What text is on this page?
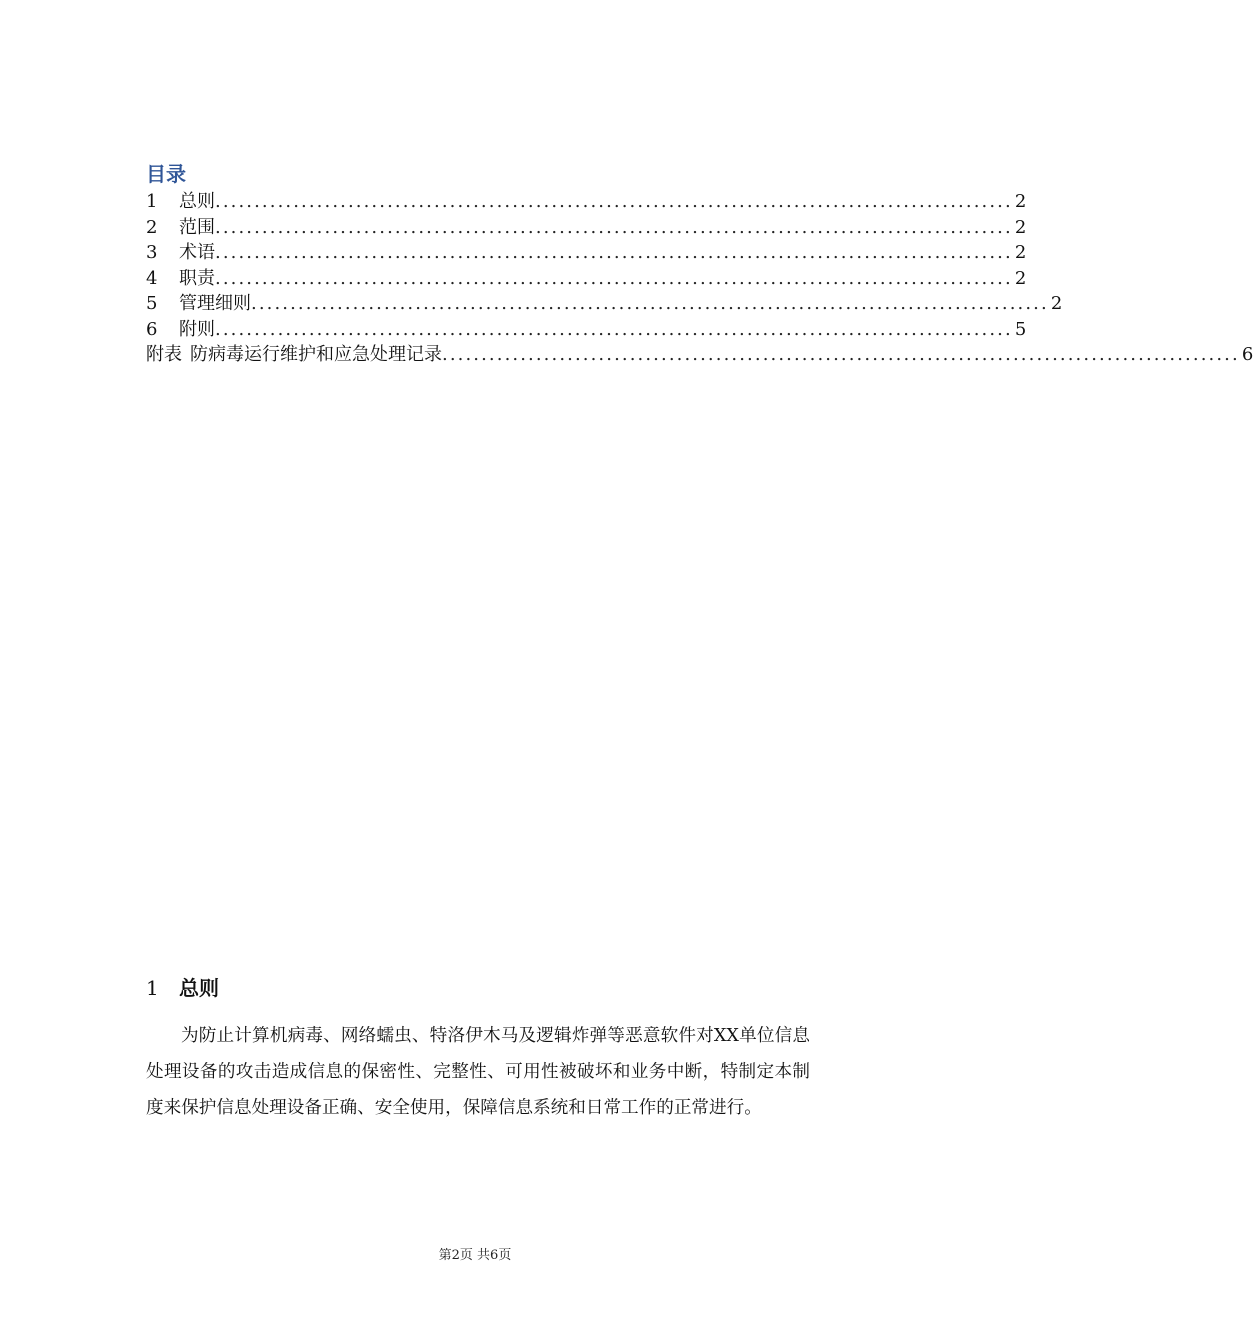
目录
1	总则 ...................................................................................................... 2
2	范围 ...................................................................................................... 2
3	术语 ...................................................................................................... 2
4	职责 ...................................................................................................... 2
5	管理细则 ...................................................................................................... 2
6	附则 ...................................................................................................... 5
附表 防病毒运行维护和应急处理记录 ...................................................................................................... 6
1	总则

为防止计算机病毒、网络蠕虫、特洛伊木马及逻辑炸弹等恶意软件对XX单位信息处理设备的攻击造成信息的保密性、完整性、可用性被破坏和业务中断，特制定本制度来保护信息处理设备正确、安全使用，保障信息系统和日常工作的正常进行。

第2页 共6页
